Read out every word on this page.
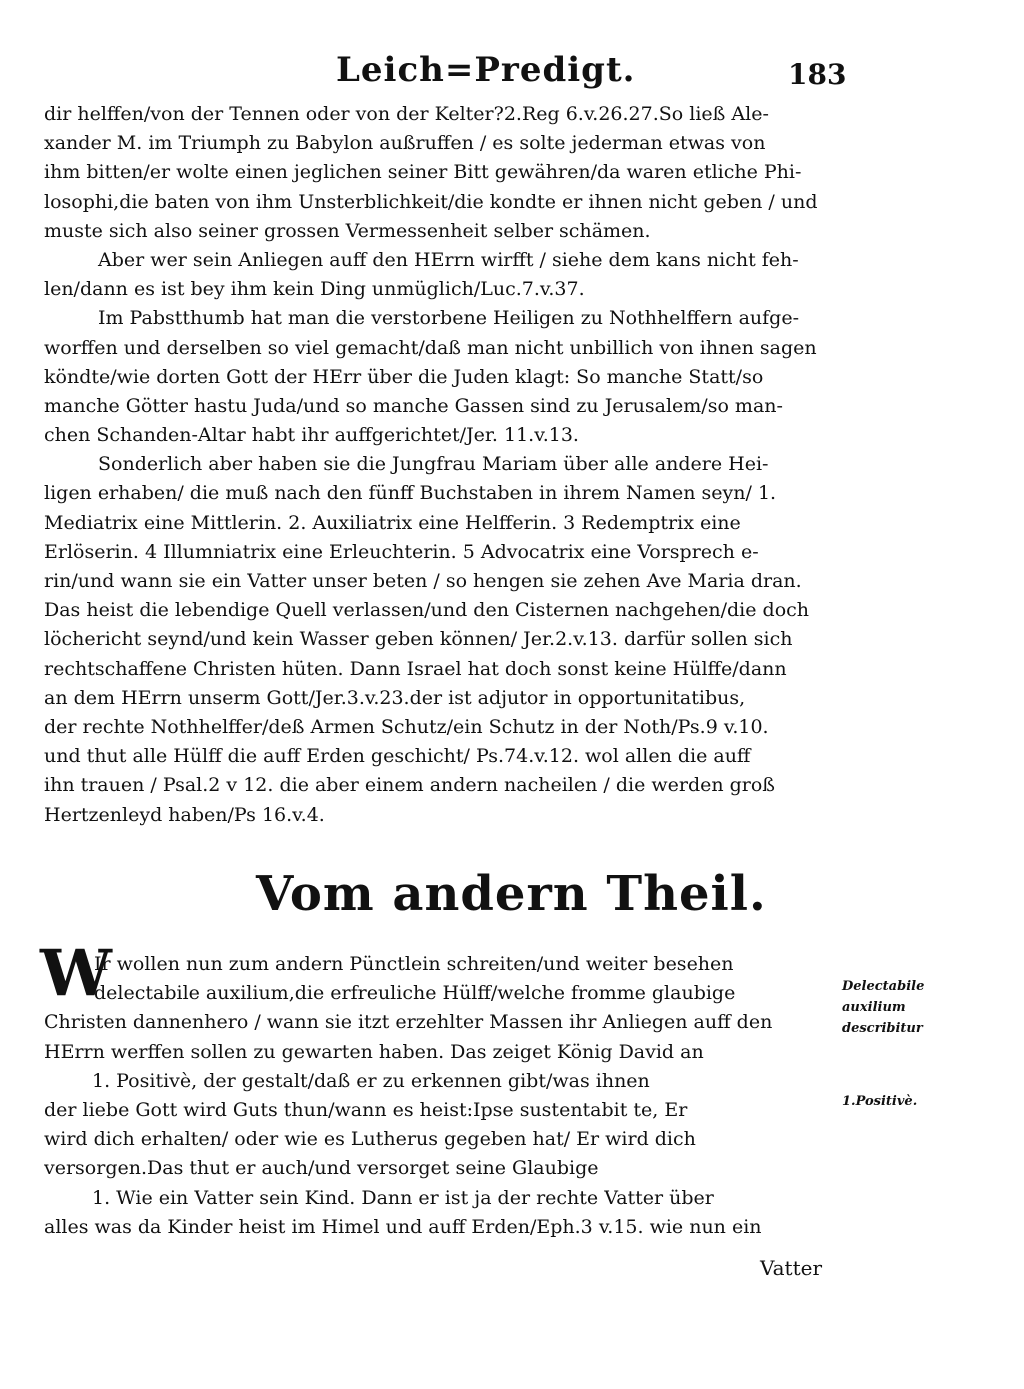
Leich=Predigt.	183
dir helffen/von der Tennen oder von der Kelter?2.Reg 6.v.26.27.So ließ Ale-
xander M. im Triumph zu Babylon außruffen / es solte jederman etwas von
ihm bitten/er wolte einen jeglichen seiner Bitt gewähren/da waren etliche Phi-
losophi,die baten von ihm Unsterblichkeit/die kondte er ihnen nicht geben / und
muste sich also seiner grossen Vermessenheit selber schämen.
Aber wer sein Anliegen auff den HErrn wirfft / siehe dem kans nicht feh-
len/dann es ist bey ihm kein Ding unmüglich/Luc.7.v.37.
Im Pabstthumb hat man die verstorbene Heiligen zu Nothhelffern aufge-
worffen und derselben so viel gemacht/daß man nicht unbillich von ihnen sagen
köndte/wie dorten Gott der HErr über die Juden klagt: So manche Statt/so
manche Götter hastu Juda/und so manche Gassen sind zu Jerusalem/so man-
chen Schanden-Altar habt ihr auffgerichtet/Jer. 11.v.13.
Sonderlich aber haben sie die Jungfrau Mariam über alle andere Hei-
ligen erhaben/ die muß nach den fünff Buchstaben in ihrem Namen seyn/ 1.
Mediatrix eine Mittlerin. 2. Auxiliatrix eine Helfferin. 3 Redemptrix eine
Erlöserin. 4 Illumniatrix eine Erleuchterin. 5 Advocatrix eine Vorsprech e-
rin/und wann sie ein Vatter unser beten / so hengen sie zehen Ave Maria dran.
Das heist die lebendige Quell verlassen/und den Cisternen nachgehen/die doch
löchericht seynd/und kein Wasser geben können/ Jer.2.v.13. darfür sollen sich
rechtschaffene Christen hüten. Dann Israel hat doch sonst keine Hülffe/dann
an dem HErrn unserm Gott/Jer.3.v.23.der ist adjutor in opportunitatibus,
der rechte Nothhelffer/deß Armen Schutz/ein Schutz in der Noth/Ps.9 v.10.
und thut alle Hülff die auff Erden geschicht/ Ps.74.v.12. wol allen die auff
ihn trauen / Psal.2 v 12. die aber einem andern nacheilen / die werden groß
Hertzenleyd haben/Ps 16.v.4.
Vom andern Theil.
W
Ir wollen nun zum andern Pünctlein schreiten/und weiter besehen
delectabile auxilium,die erfreuliche Hülff/welche fromme glaubige
Christen dannenhero / wann sie itzt erzehlter Massen ihr Anliegen auff den
HErrn werffen sollen zu gewarten haben. Das zeiget König David an
1. Positivè, der gestalt/daß er zu erkennen gibt/was ihnen
der liebe Gott wird Guts thun/wann es heist:Ipse sustentabit te, Er
wird dich erhalten/ oder wie es Lutherus gegeben hat/ Er wird dich
versorgen.Das thut er auch/und versorget seine Glaubige
1. Wie ein Vatter sein Kind. Dann er ist ja der rechte Vatter über
alles was da Kinder heist im Himel und auff Erden/Eph.3 v.15. wie nun ein
Delectabile
auxilium
describitur
1.Positivè.
Vatter
